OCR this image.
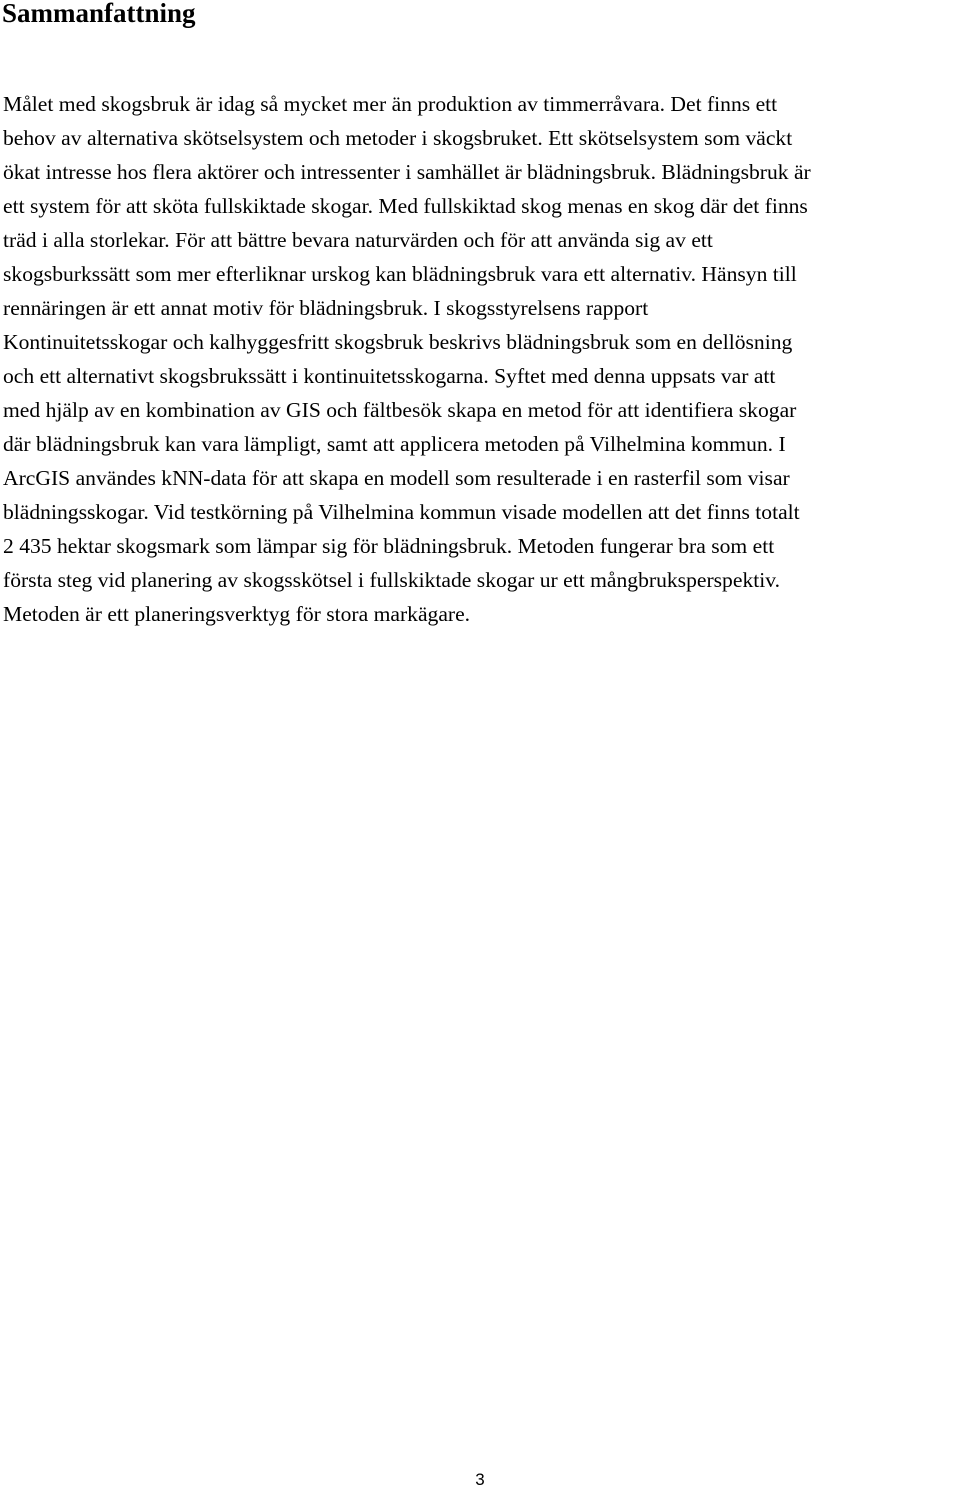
Sammanfattning

Målet med skogsbruk är idag så mycket mer än produktion av timmerråvara. Det finns ett
behov av alternativa skötselsystem och metoder i skogsbruket. Ett skötselsystem som väckt
ökat intresse hos flera aktörer och intressenter i samhället är blädningsbruk. Blädningsbruk är
ett system för att sköta fullskiktade skogar. Med fullskiktad skog menas en skog där det finns
träd i alla storlekar. För att bättre bevara naturvärden och för att använda sig av ett
skogsburkssätt som mer efterliknar urskog kan blädningsbruk vara ett alternativ. Hänsyn till
rennäringen är ett annat motiv för blädningsbruk. I skogsstyrelsens rapport
Kontinuitetsskogar och kalhyggesfritt skogsbruk beskrivs blädningsbruk som en dellösning
och ett alternativt skogsbrukssätt i kontinuitetsskogarna. Syftet med denna uppsats var att
med hjälp av en kombination av GIS och fältbesök skapa en metod för att identifiera skogar
där blädningsbruk kan vara lämpligt, samt att applicera metoden på Vilhelmina kommun. I
ArcGIS användes kNN-data för att skapa en modell som resulterade i en rasterfil som visar
blädningsskogar. Vid testkörning på Vilhelmina kommun visade modellen att det finns totalt
2 435 hektar skogsmark som lämpar sig för blädningsbruk. Metoden fungerar bra som ett
första steg vid planering av skogsskötsel i fullskiktade skogar ur ett mångbruksperspektiv.
Metoden är ett planeringsverktyg för stora markägare.

3
